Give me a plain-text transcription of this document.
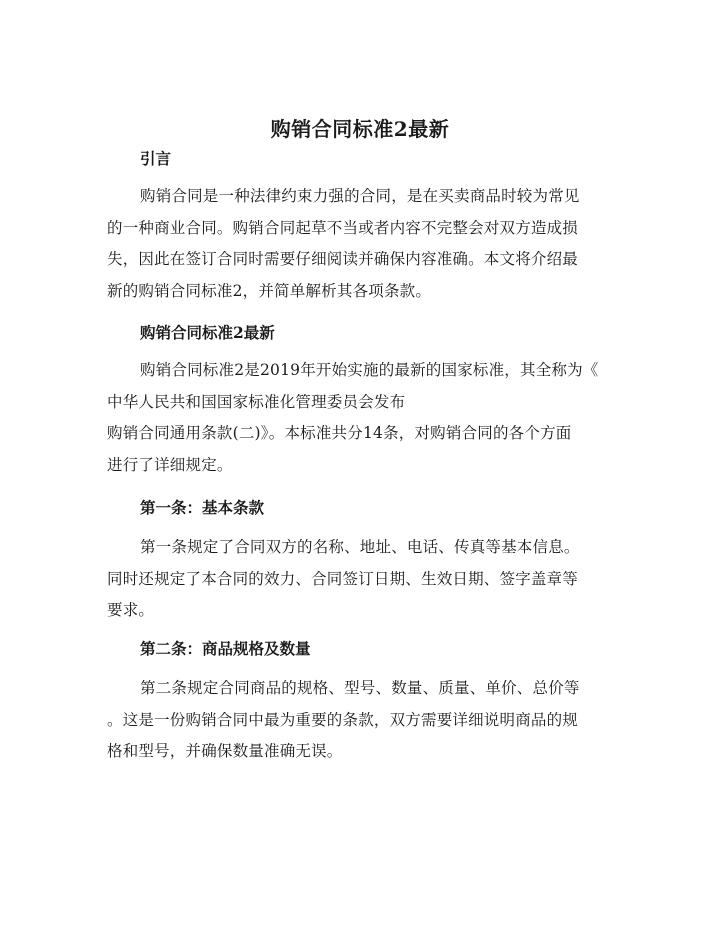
购销合同标准2最新
引言
购销合同是一种法律约束力强的合同，是在买卖商品时较为常见
的一种商业合同。购销合同起草不当或者内容不完整会对双方造成损
失，因此在签订合同时需要仔细阅读并确保内容准确。本文将介绍最
新的购销合同标准2，并简单解析其各项条款。
购销合同标准2最新
购销合同标准2是2019年开始实施的最新的国家标准，其全称为《
中华人民共和国国家标准化管理委员会发布
购销合同通用条款(二)》。本标准共分14条，对购销合同的各个方面
进行了详细规定。
第一条：基本条款
第一条规定了合同双方的名称、地址、电话、传真等基本信息。
同时还规定了本合同的效力、合同签订日期、生效日期、签字盖章等
要求。
第二条：商品规格及数量
第二条规定合同商品的规格、型号、数量、质量、单价、总价等
。这是一份购销合同中最为重要的条款，双方需要详细说明商品的规
格和型号，并确保数量准确无误。
